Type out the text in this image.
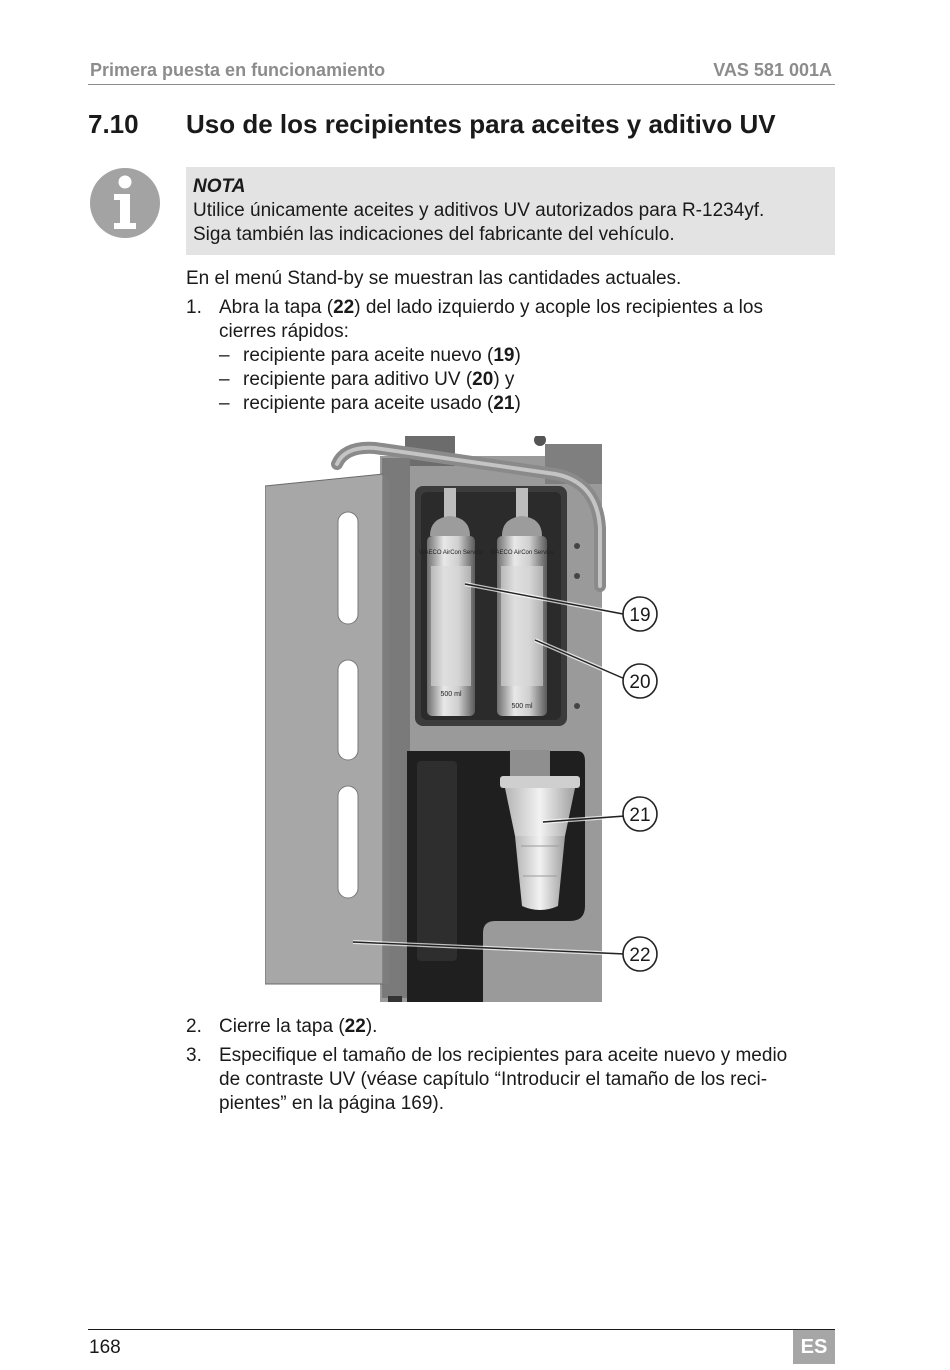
Primera puesta en funcionamiento	VAS 581 001A
7.10 Uso de los recipientes para aceites y aditivo UV
NOTA
Utilice únicamente aceites y aditivos UV autorizados para R-1234yf.
Siga también las indicaciones del fabricante del vehículo.
En el menú Stand-by se muestran las cantidades actuales.
1. Abra la tapa (22) del lado izquierdo y acople los recipientes a los
cierres rápidos:
– recipiente para aceite nuevo (19)
– recipiente para aditivo UV (20) y
– recipiente para aceite usado (21)
WAECO AirCon Service
500 ml
WAECO AirCon Service
500 ml
19
20
21
22
2. Cierre la tapa (22).
3. Especifique el tamaño de los recipientes para aceite nuevo y medio
de contraste UV (véase capítulo “Introducir el tamaño de los reci-
pientes” en la página 169).
168	ES
